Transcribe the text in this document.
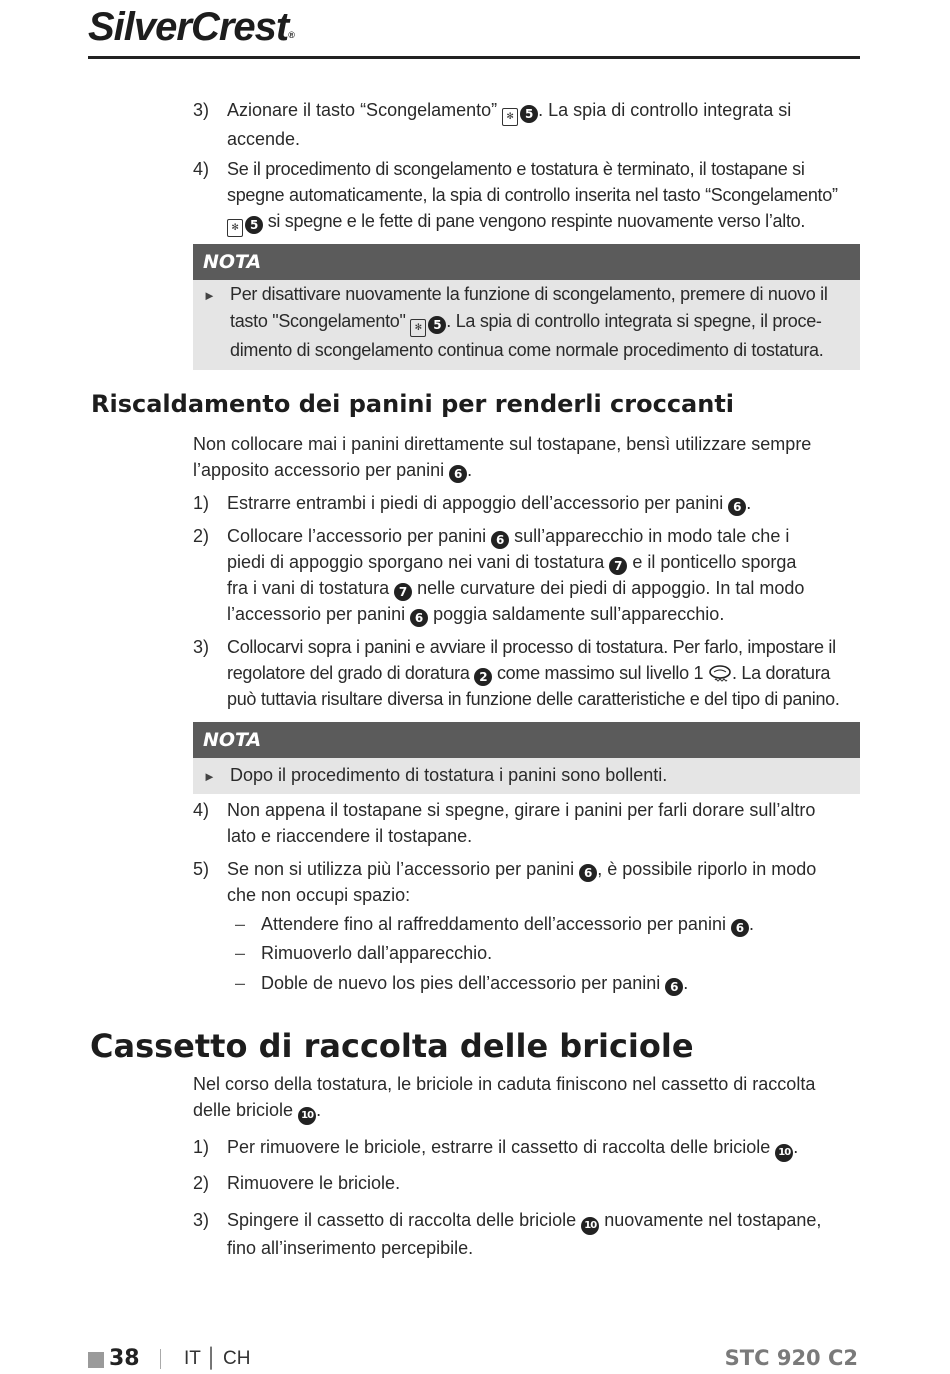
SilverCrest®
3) Azionare il tasto “Scongelamento” ✻ 5 . La spia di controllo integrata si
accende.
4) Se il procedimento di scongelamento e tostatura è terminato, il tostapane si
spegne automaticamente, la spia di controllo inserita nel tasto “Scongelamento”
✻ 5 si spegne e le fette di pane vengono respinte nuovamente verso l’alto.
NOTA
► Per disattivare nuovamente la funzione di scongelamento, premere di nuovo il
tasto "Scongelamento" ✻ 5 . La spia di controllo integrata si spegne, il proce-
dimento di scongelamento continua come normale procedimento di tostatura.
Riscaldamento dei panini per renderli croccanti
Non collocare mai i panini direttamente sul tostapane, bensì utilizzare sempre
l’apposito accessorio per panini 6 .
1) Estrarre entrambi i piedi di appoggio dell’accessorio per panini 6 .
2) Collocare l’accessorio per panini 6 sull’apparecchio in modo tale che i
piedi di appoggio sporgano nei vani di tostatura 7 e il ponticello sporga
fra i vani di tostatura 7 nelle curvature dei piedi di appoggio. In tal modo
l’accessorio per panini 6 poggia saldamente sull’apparecchio.
3) Collocarvi sopra i panini e avviare il processo di tostatura. Per farlo, impostare il
regolatore del grado di doratura 2 come massimo sul livello 1 . La doratura
può tuttavia risultare diversa in funzione delle caratteristiche e del tipo di panino.
NOTA
► Dopo il procedimento di tostatura i panini sono bollenti.
4) Non appena il tostapane si spegne, girare i panini per farli dorare sull’altro
lato e riaccendere il tostapane.
5) Se non si utilizza più l’accessorio per panini 6 , è possibile riporlo in modo
che non occupi spazio:
– Attendere fino al raffreddamento dell’accessorio per panini 6 .
– Rimuoverlo dall’apparecchio.
– Doble de nuevo los pies dell’accessorio per panini 6 .
Cassetto di raccolta delle briciole
Nel corso della tostatura, le briciole in caduta finiscono nel cassetto di raccolta
delle briciole 10 .
1) Per rimuovere le briciole, estrarre il cassetto di raccolta delle briciole 10 .
2) Rimuovere le briciole.
3) Spingere il cassetto di raccolta delle briciole 10 nuovamente nel tostapane,
fino all’inserimento percepibile.
38 IT │ CH	STC 920 C2
